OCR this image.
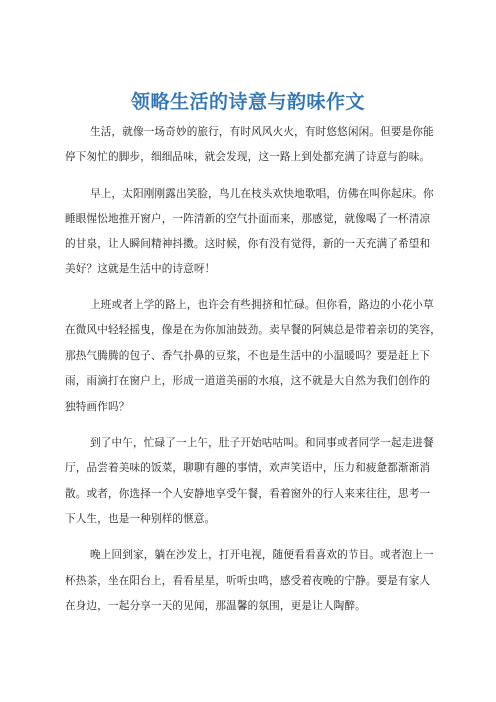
领略生活的诗意与韵味作文
生活，就像一场奇妙的旅行，有时风风火火，有时悠悠闲闲。但要是你能
停下匆忙的脚步，细细品味，就会发现，这一路上到处都充满了诗意与韵味。
早上，太阳刚刚露出笑脸，鸟儿在枝头欢快地歌唱，仿佛在叫你起床。你
睡眼惺忪地推开窗户，一阵清新的空气扑面而来，那感觉，就像喝了一杯清凉
的甘泉，让人瞬间精神抖擞。这时候，你有没有觉得，新的一天充满了希望和
美好？这就是生活中的诗意呀！
上班或者上学的路上，也许会有些拥挤和忙碌。但你看，路边的小花小草
在微风中轻轻摇曳，像是在为你加油鼓劲。卖早餐的阿姨总是带着亲切的笑容，
那热气腾腾的包子、香气扑鼻的豆浆，不也是生活中的小温暖吗？要是赶上下
雨，雨滴打在窗户上，形成一道道美丽的水痕，这不就是大自然为我们创作的
独特画作吗？
到了中午，忙碌了一上午，肚子开始咕咕叫。和同事或者同学一起走进餐
厅，品尝着美味的饭菜，聊聊有趣的事情，欢声笑语中，压力和疲惫都渐渐消
散。或者，你选择一个人安静地享受午餐，看着窗外的行人来来往往，思考一
下人生，也是一种别样的惬意。
晚上回到家，躺在沙发上，打开电视，随便看看喜欢的节目。或者泡上一
杯热茶，坐在阳台上，看看星星，听听虫鸣，感受着夜晚的宁静。要是有家人
在身边，一起分享一天的见闻，那温馨的氛围，更是让人陶醉。
